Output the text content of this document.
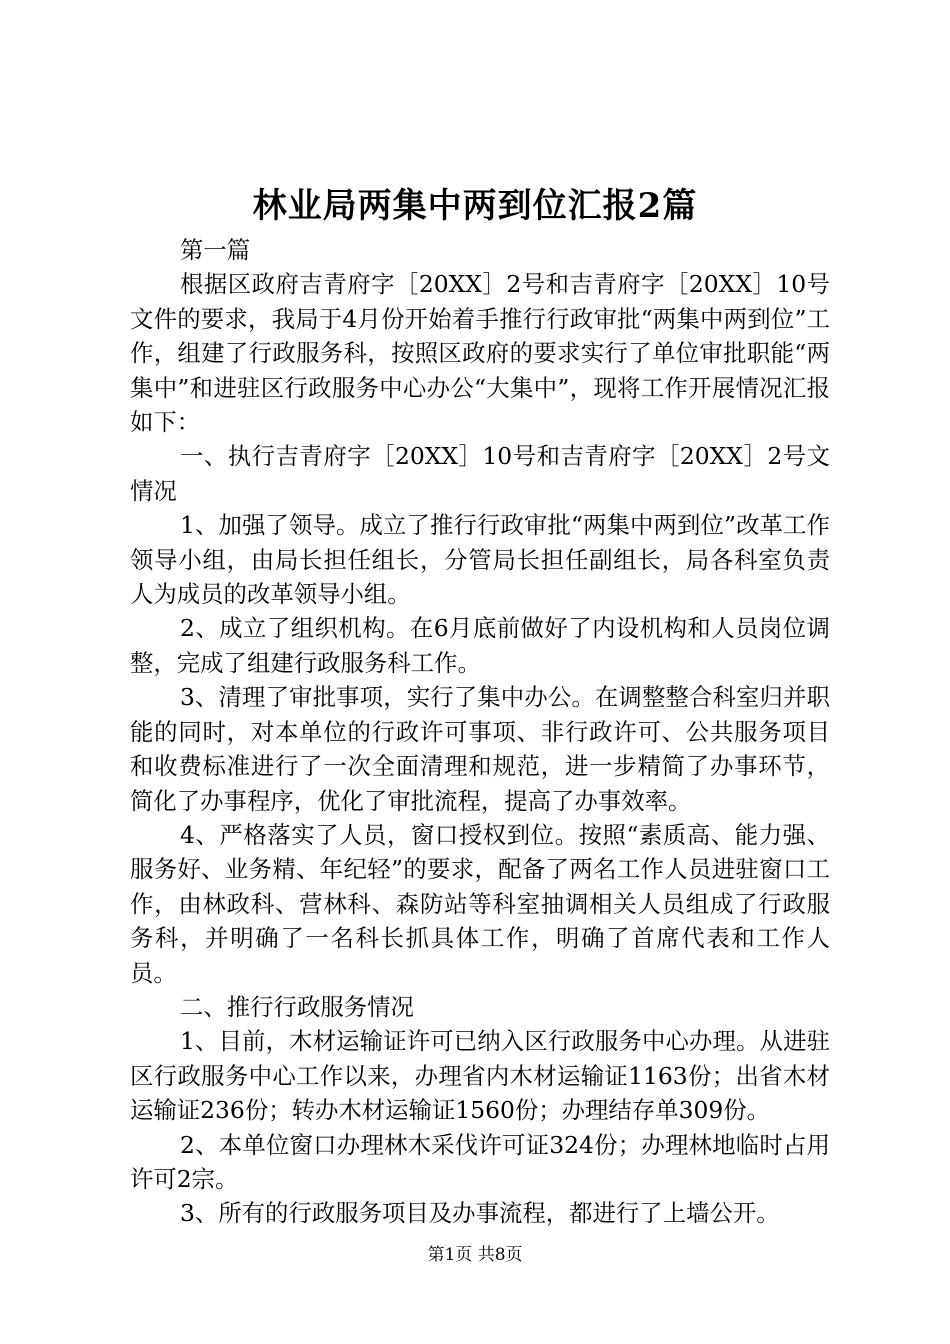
林业局两集中两到位汇报2篇

第一篇

根据区政府吉青府字［20XX］2号和吉青府字［20XX］10号文件的要求，我局于4月份开始着手推行行政审批“两集中两到位”工作，组建了行政服务科，按照区政府的要求实行了单位审批职能“两集中”和进驻区行政服务中心办公“大集中”，现将工作开展情况汇报如下：

一、执行吉青府字［20XX］10号和吉青府字［20XX］2号文情况

1、加强了领导。成立了推行行政审批“两集中两到位”改革工作领导小组，由局长担任组长，分管局长担任副组长，局各科室负责人为成员的改革领导小组。

2、成立了组织机构。在6月底前做好了内设机构和人员岗位调整，完成了组建行政服务科工作。

3、清理了审批事项，实行了集中办公。在调整整合科室归并职能的同时，对本单位的行政许可事项、非行政许可、公共服务项目和收费标准进行了一次全面清理和规范，进一步精简了办事环节，简化了办事程序，优化了审批流程，提高了办事效率。

4、严格落实了人员，窗口授权到位。按照“素质高、能力强、服务好、业务精、年纪轻”的要求，配备了两名工作人员进驻窗口工作，由林政科、营林科、森防站等科室抽调相关人员组成了行政服务科，并明确了一名科长抓具体工作，明确了首席代表和工作人员。

二、推行行政服务情况

1、目前，木材运输证许可已纳入区行政服务中心办理。从进驻区行政服务中心工作以来，办理省内木材运输证1163份；出省木材运输证236份；转办木材运输证1560份；办理结存单309份。

2、本单位窗口办理林木采伐许可证324份；办理林地临时占用许可2宗。

3、所有的行政服务项目及办事流程，都进行了上墙公开。

第1页 共8页
